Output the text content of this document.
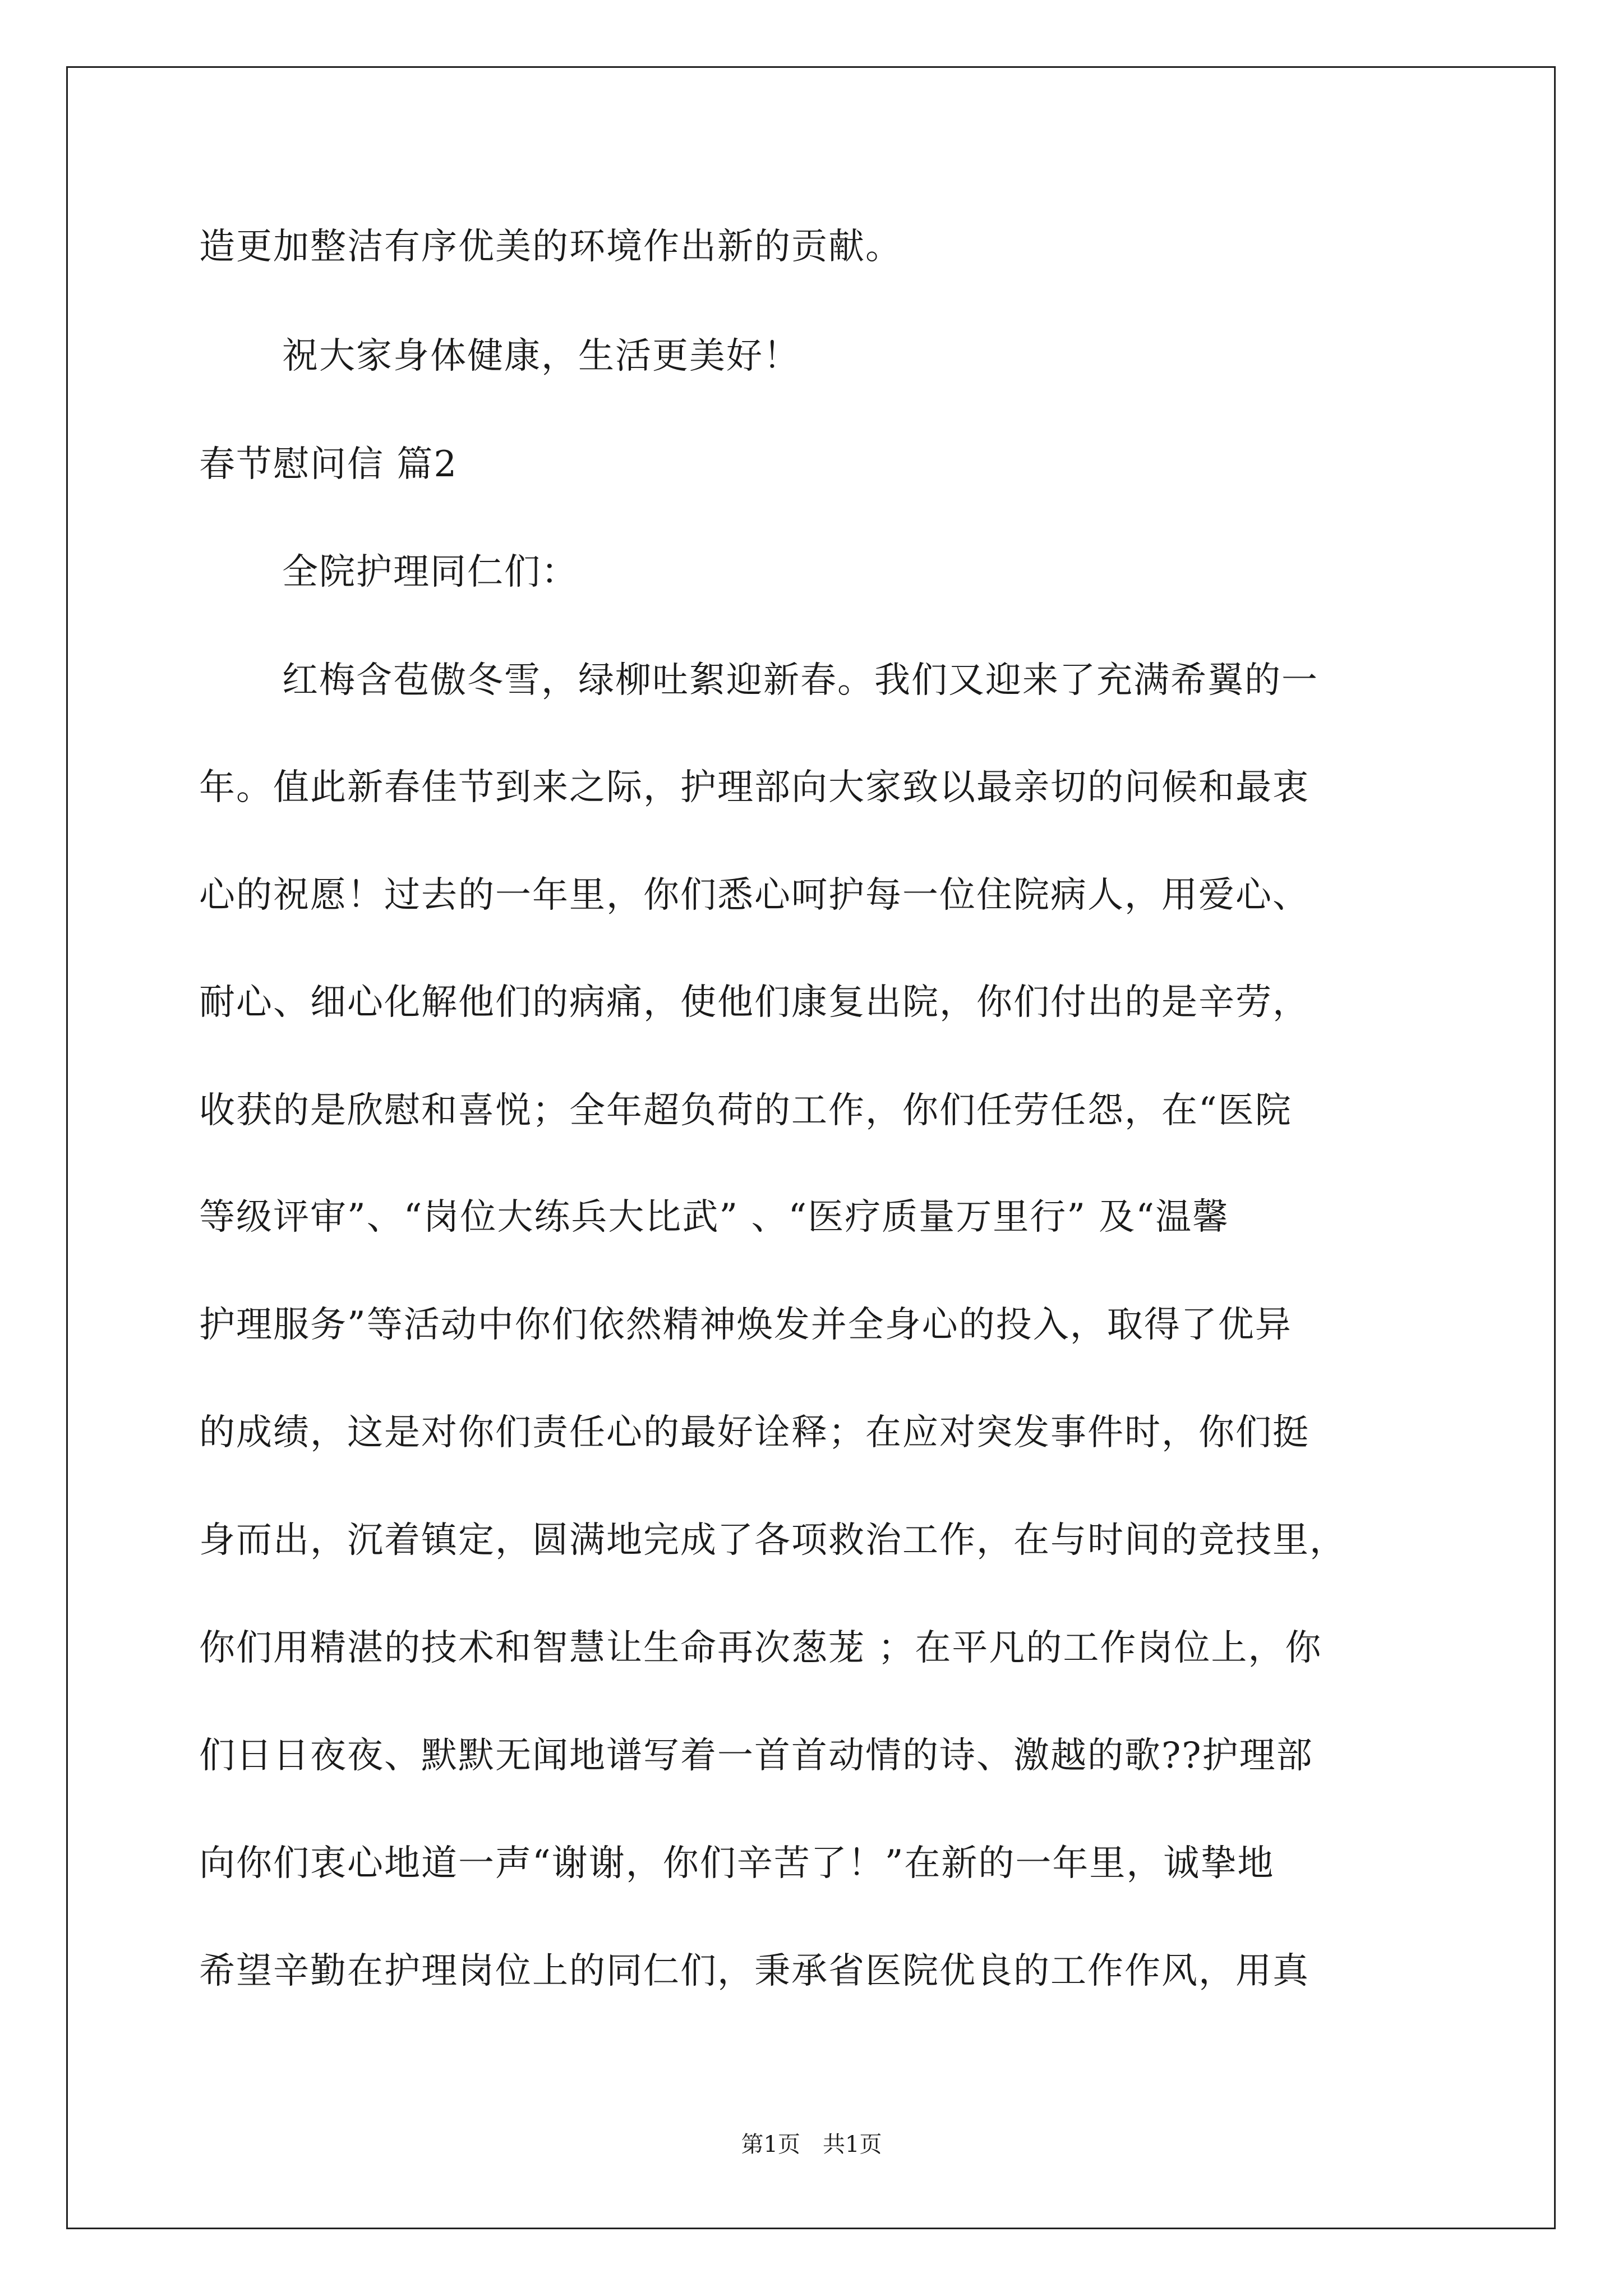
造更加整洁有序优美的环境作出新的贡献。
祝大家身体健康，生活更美好！
春节慰问信 篇2
全院护理同仁们：
红梅含苞傲冬雪，绿柳吐絮迎新春。我们又迎来了充满希翼的一
年。值此新春佳节到来之际，护理部向大家致以最亲切的问候和最衷
心的祝愿！过去的一年里，你们悉心呵护每一位住院病人，用爱心、
耐心、细心化解他们的病痛，使他们康复出院，你们付出的是辛劳，
收获的是欣慰和喜悦；全年超负荷的工作，你们任劳任怨，在“医院
等级评审”、“岗位大练兵大比武” 、“医疗质量万里行” 及“温馨
护理服务”等活动中你们依然精神焕发并全身心的投入，取得了优异
的成绩，这是对你们责任心的最好诠释；在应对突发事件时，你们挺
身而出，沉着镇定，圆满地完成了各项救治工作，在与时间的竞技里，
你们用精湛的技术和智慧让生命再次葱茏 ；在平凡的工作岗位上，你
们日日夜夜、默默无闻地谱写着一首首动情的诗、激越的歌??护理部
向你们衷心地道一声“谢谢，你们辛苦了！”在新的一年里，诚挚地
希望辛勤在护理岗位上的同仁们，秉承省医院优良的工作作风，用真
第1页　共1页
